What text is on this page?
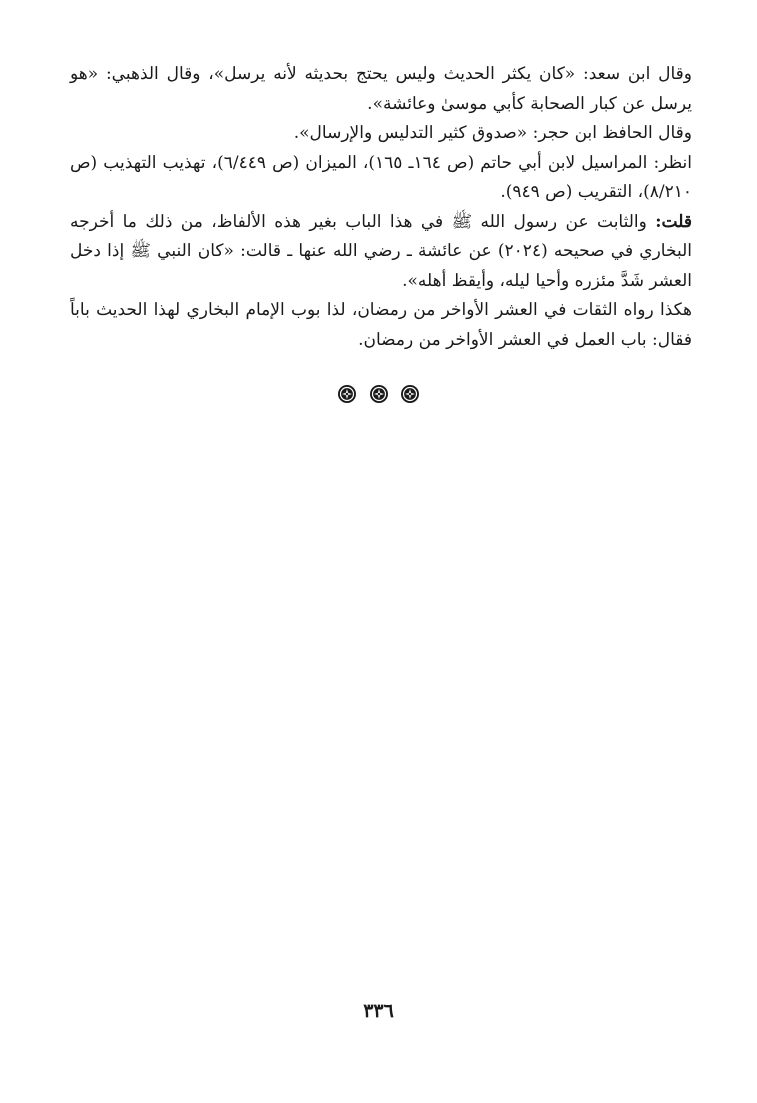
وقال ابن سعد: «كان يكثر الحديث وليس يحتج بحديثه لأنه يرسل»، وقال الذهبي: «هو يرسل عن كبار الصحابة كأبي موسىٰ وعائشة».

وقال الحافظ ابن حجر: «صدوق كثير التدليس والإرسال».

انظر: المراسيل لابن أبي حاتم (ص ١٦٤ـ ١٦٥)، الميزان (ص ٦/٤٤٩)، تهذيب التهذيب (ص ٨/٢١٠)، التقريب (ص ٩٤٩).

قلت: والثابت عن رسول الله ﷺ في هذا الباب بغير هذه الألفاظ، من ذلك ما أخرجه البخاري في صحيحه (٢٠٢٤) عن عائشة ـ رضي الله عنها ـ قالت: «كان النبي ﷺ إذا دخل العشر شَدَّ مئزره وأحيا ليله، وأيقظ أهله».

هكذا رواه الثقات في العشر الأواخر من رمضان، لذا بوب الإمام البخاري لهذا الحديث باباً فقال: باب العمل في العشر الأواخر من رمضان.

٣٣٦
